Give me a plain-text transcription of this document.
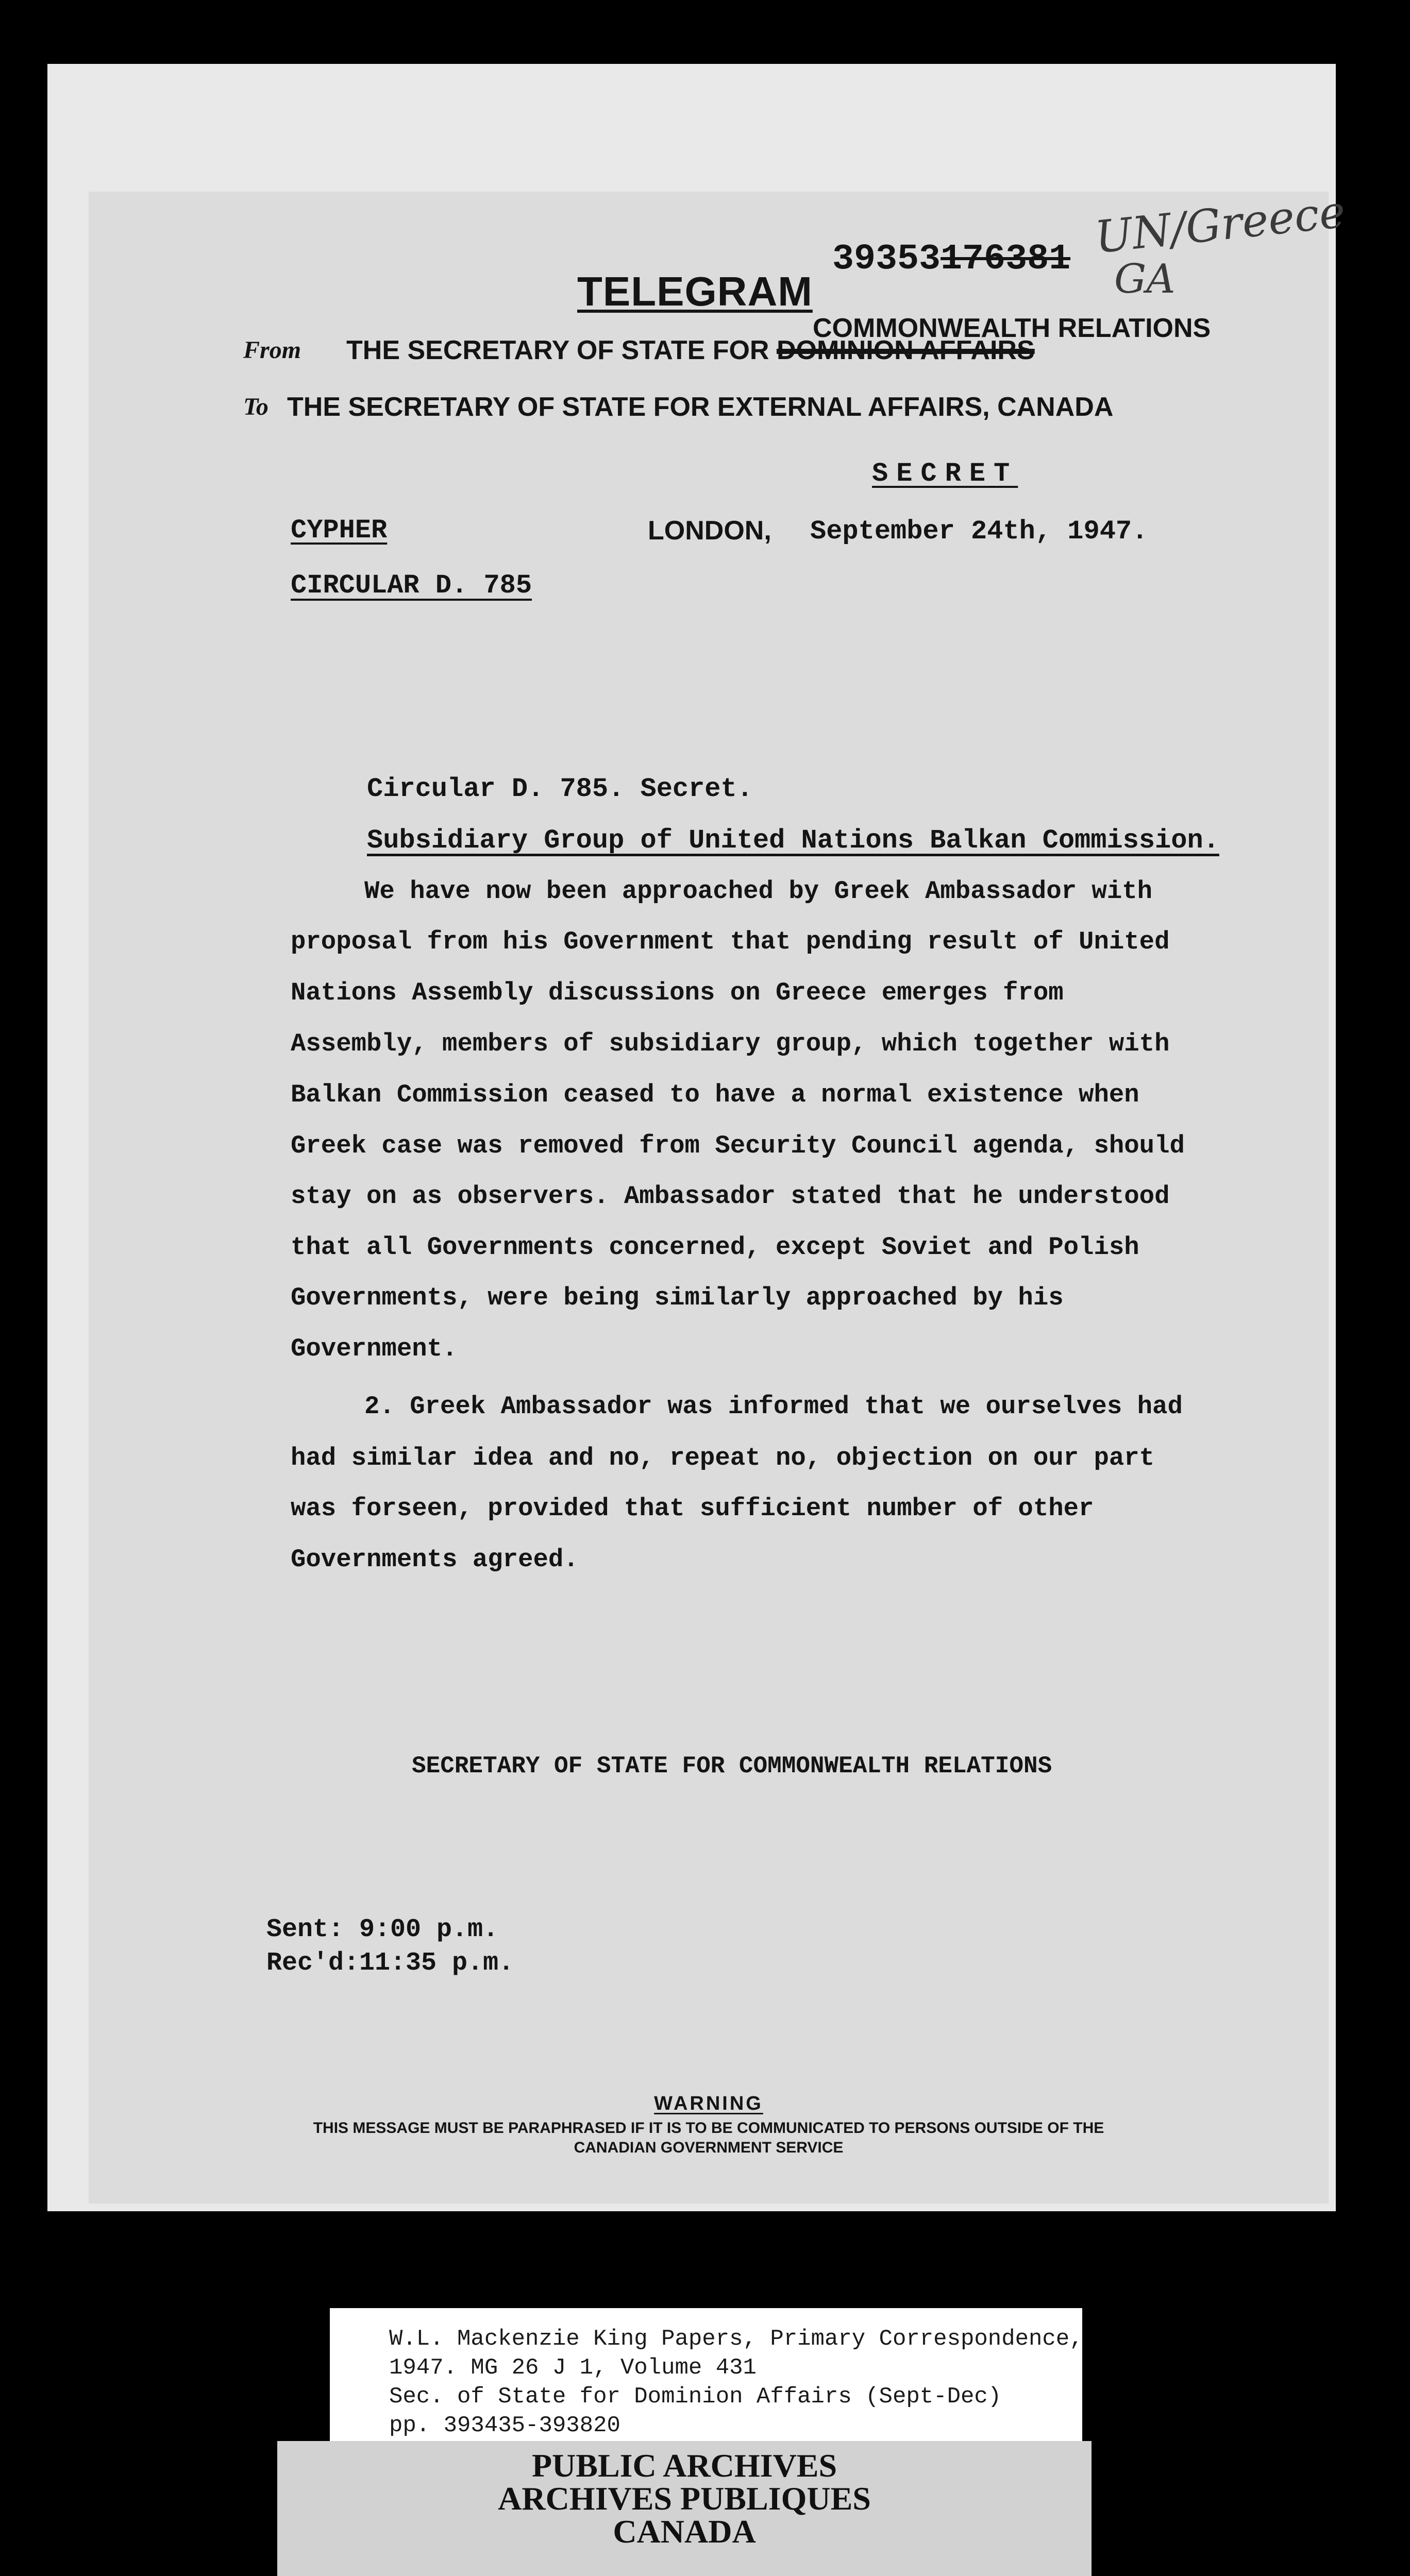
UN/Greece
GA
39353176381
TELEGRAM
COMMONWEALTH RELATIONS
From THE SECRETARY OF STATE FOR DOMINION AFFAIRS
To THE SECRETARY OF STATE FOR EXTERNAL AFFAIRS, CANADA
SECRET
CYPHER	LONDON, September 24th, 1947.
CIRCULAR D. 785
Circular D. 785. Secret.
Subsidiary Group of United Nations Balkan Commission.
We have now been approached by Greek Ambassador with
proposal from his Government that pending result of United
Nations Assembly discussions on Greece emerges from
Assembly, members of subsidiary group, which together with
Balkan Commission ceased to have a normal existence when
Greek case was removed from Security Council agenda, should
stay on as observers. Ambassador stated that he understood
that all Governments concerned, except Soviet and Polish
Governments, were being similarly approached by his
Government.
2. Greek Ambassador was informed that we ourselves had
had similar idea and no, repeat no, objection on our part
was forseen, provided that sufficient number of other
Governments agreed.
SECRETARY OF STATE FOR COMMONWEALTH RELATIONS
Sent: 9:00 p.m.
Rec'd:11:35 p.m.
WARNING
THIS MESSAGE MUST BE PARAPHRASED IF IT IS TO BE COMMUNICATED TO PERSONS OUTSIDE OF THE
CANADIAN GOVERNMENT SERVICE
W.L. Mackenzie King Papers, Primary Correspondence,
1947. MG 26 J 1, Volume 431
Sec. of State for Dominion Affairs (Sept-Dec)
pp. 393435-393820
PUBLIC ARCHIVES
ARCHIVES PUBLIQUES
CANADA
